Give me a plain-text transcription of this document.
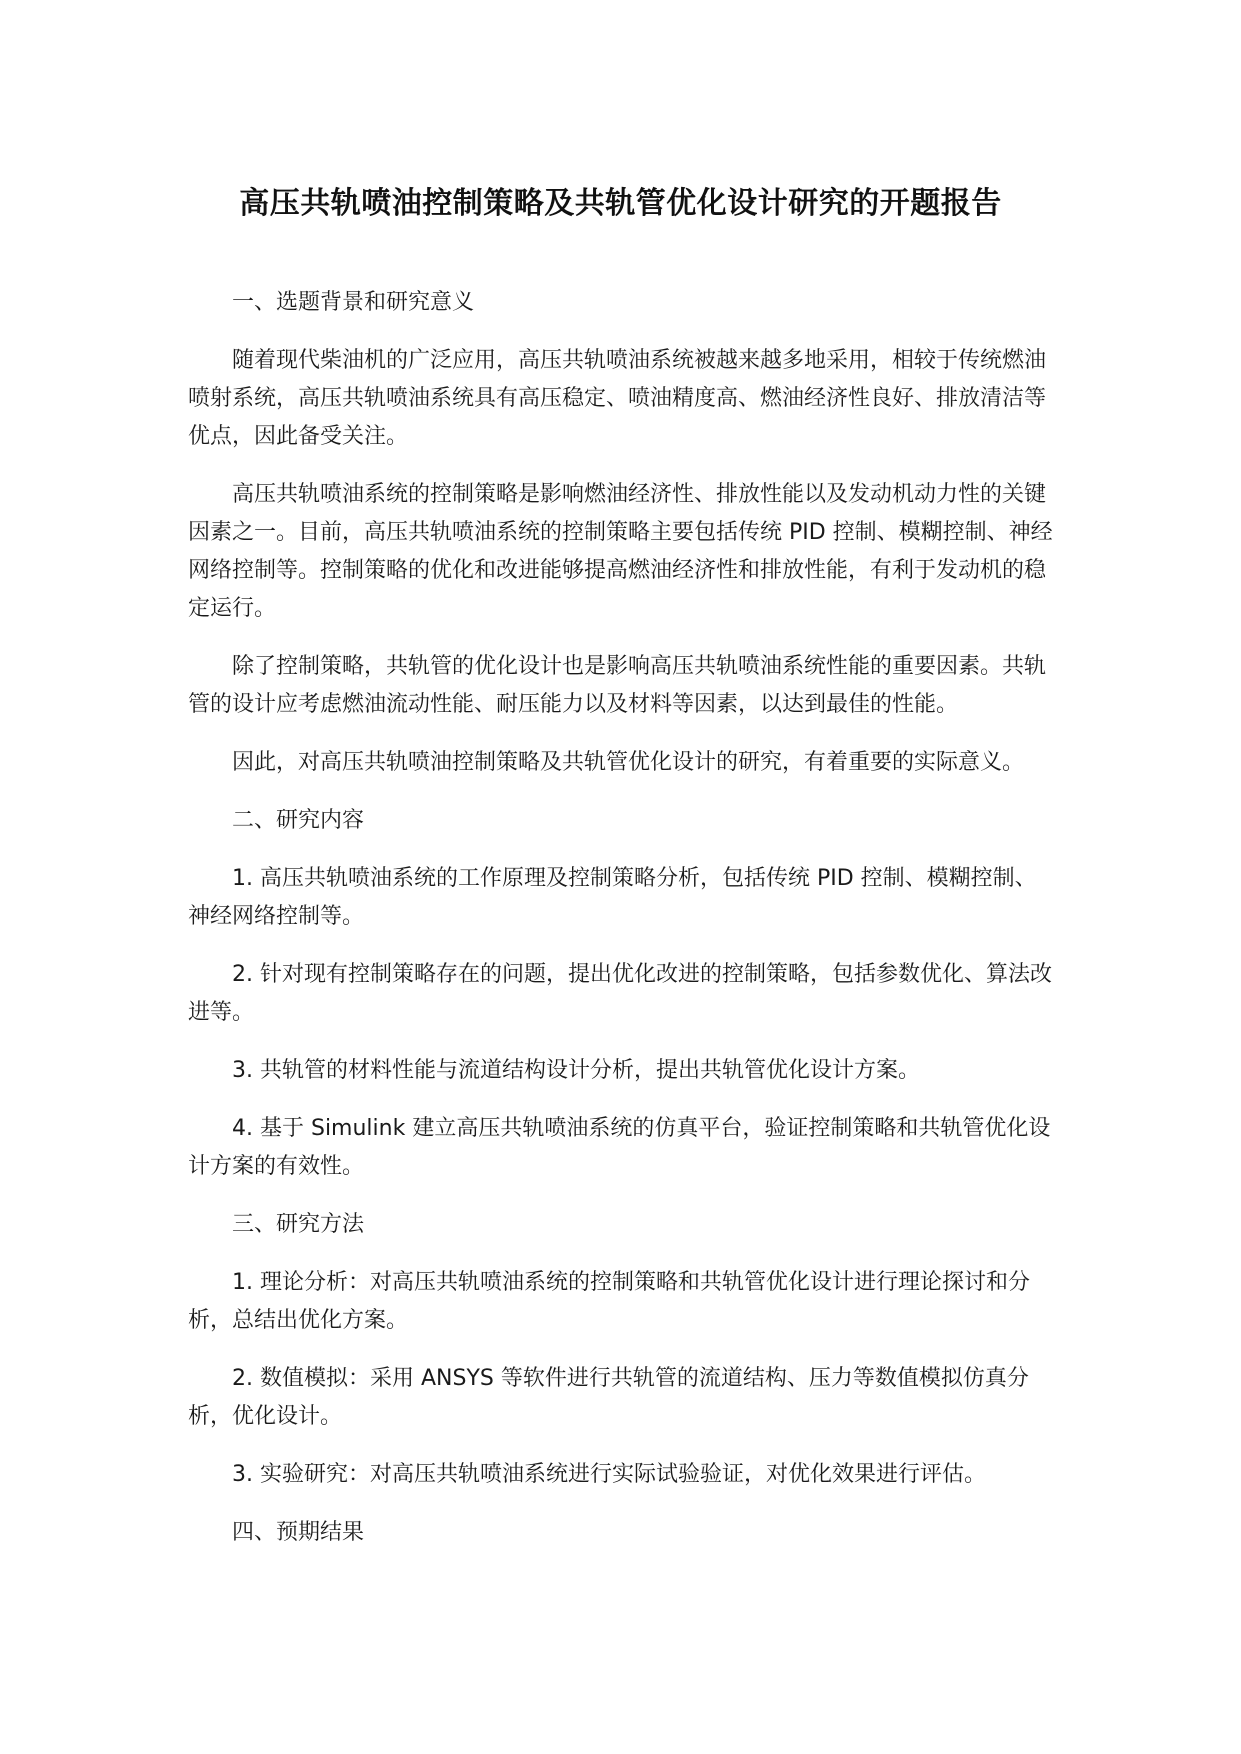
高压共轨喷油控制策略及共轨管优化设计研究的开题报告

一、选题背景和研究意义

随着现代柴油机的广泛应用，高压共轨喷油系统被越来越多地采用，相较于传统燃油喷射系统，高压共轨喷油系统具有高压稳定、喷油精度高、燃油经济性良好、排放清洁等优点，因此备受关注。

高压共轨喷油系统的控制策略是影响燃油经济性、排放性能以及发动机动力性的关键因素之一。目前，高压共轨喷油系统的控制策略主要包括传统 PID 控制、模糊控制、神经网络控制等。控制策略的优化和改进能够提高燃油经济性和排放性能，有利于发动机的稳定运行。

除了控制策略，共轨管的优化设计也是影响高压共轨喷油系统性能的重要因素。共轨管的设计应考虑燃油流动性能、耐压能力以及材料等因素，以达到最佳的性能。

因此，对高压共轨喷油控制策略及共轨管优化设计的研究，有着重要的实际意义。

二、研究内容

1. 高压共轨喷油系统的工作原理及控制策略分析，包括传统 PID 控制、模糊控制、神经网络控制等。

2. 针对现有控制策略存在的问题，提出优化改进的控制策略，包括参数优化、算法改进等。

3. 共轨管的材料性能与流道结构设计分析，提出共轨管优化设计方案。

4. 基于 Simulink 建立高压共轨喷油系统的仿真平台，验证控制策略和共轨管优化设计方案的有效性。

三、研究方法

1. 理论分析：对高压共轨喷油系统的控制策略和共轨管优化设计进行理论探讨和分析，总结出优化方案。

2. 数值模拟：采用 ANSYS 等软件进行共轨管的流道结构、压力等数值模拟仿真分析，优化设计。

3. 实验研究：对高压共轨喷油系统进行实际试验验证，对优化效果进行评估。

四、预期结果
